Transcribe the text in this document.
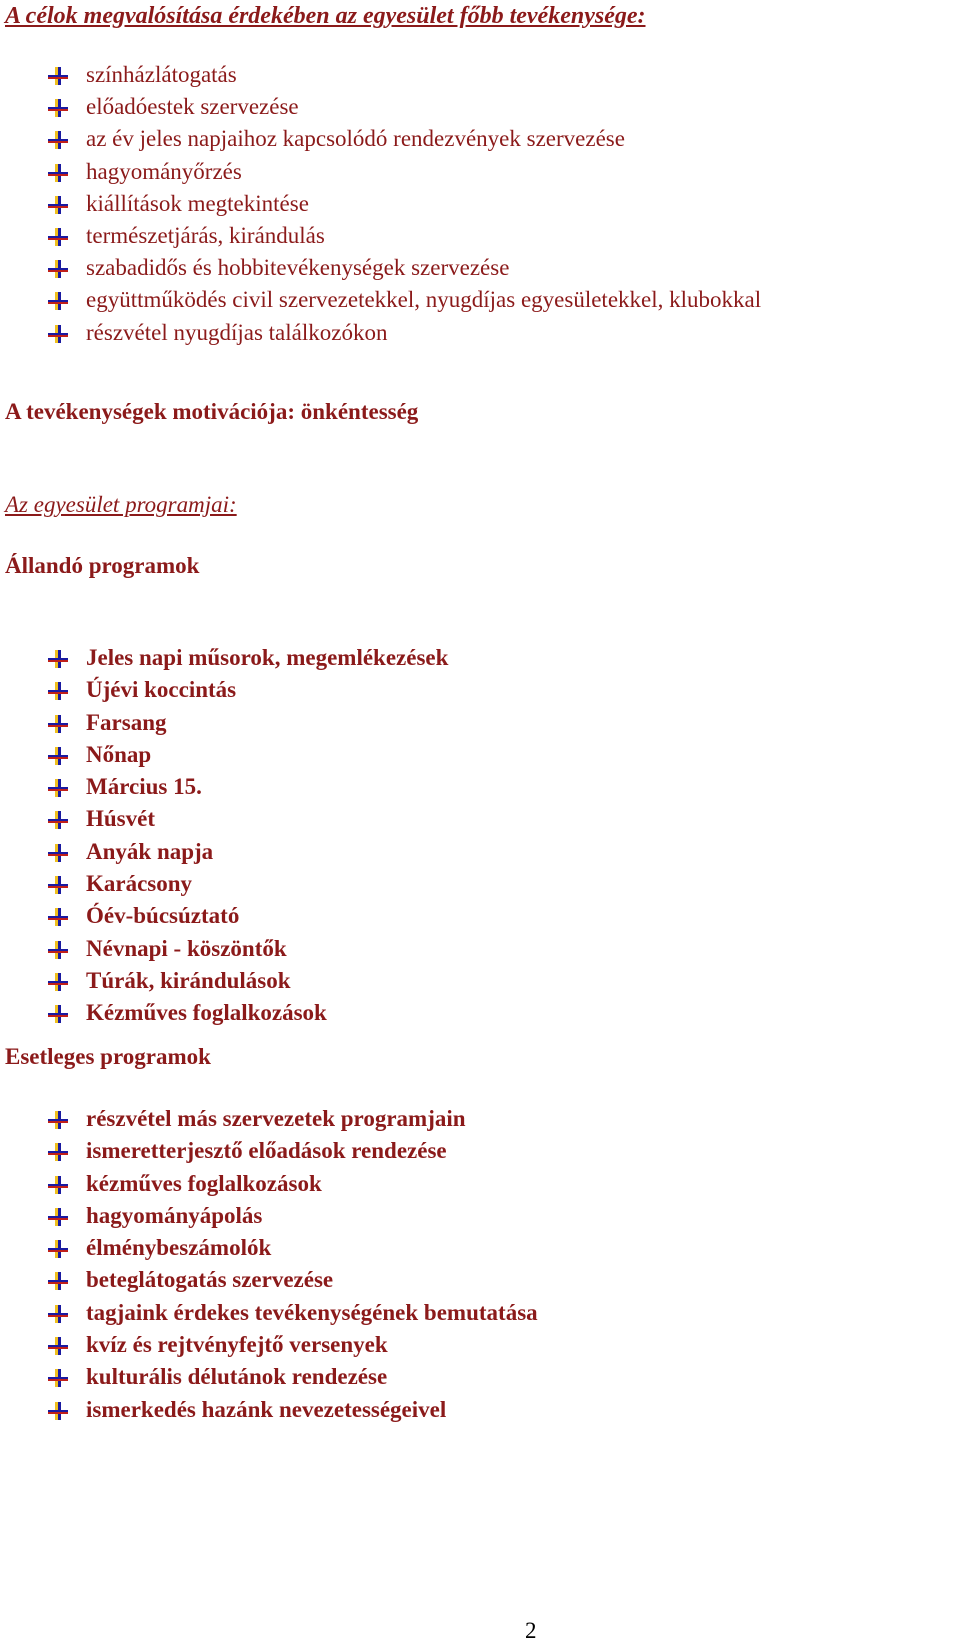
A célok megvalósítása érdekében az egyesület főbb tevékenysége:
színházlátogatás
előadóestek szervezése
az év jeles napjaihoz kapcsolódó rendezvények szervezése
hagyományőrzés
kiállítások megtekintése
természetjárás, kirándulás
szabadidős és hobbitevékenységek szervezése
együttműködés civil szervezetekkel, nyugdíjas egyesületekkel, klubokkal
részvétel nyugdíjas találkozókon
A tevékenységek motivációja: önkéntesség
Az egyesület programjai:
Állandó programok
Jeles napi műsorok, megemlékezések
Újévi koccintás
Farsang
Nőnap
Március 15.
Húsvét
Anyák napja
Karácsony
Óév-búcsúztató
Névnapi - köszöntők
Túrák, kirándulások
Kézműves foglalkozások
Esetleges programok
részvétel más szervezetek programjain
ismeretterjesztő előadások rendezése
kézműves foglalkozások
hagyományápolás
élménybeszámolók
beteglátogatás szervezése
tagjaink érdekes tevékenységének bemutatása
kvíz és rejtvényfejtő versenyek
kulturális délutánok rendezése
ismerkedés hazánk nevezetességeivel
2
